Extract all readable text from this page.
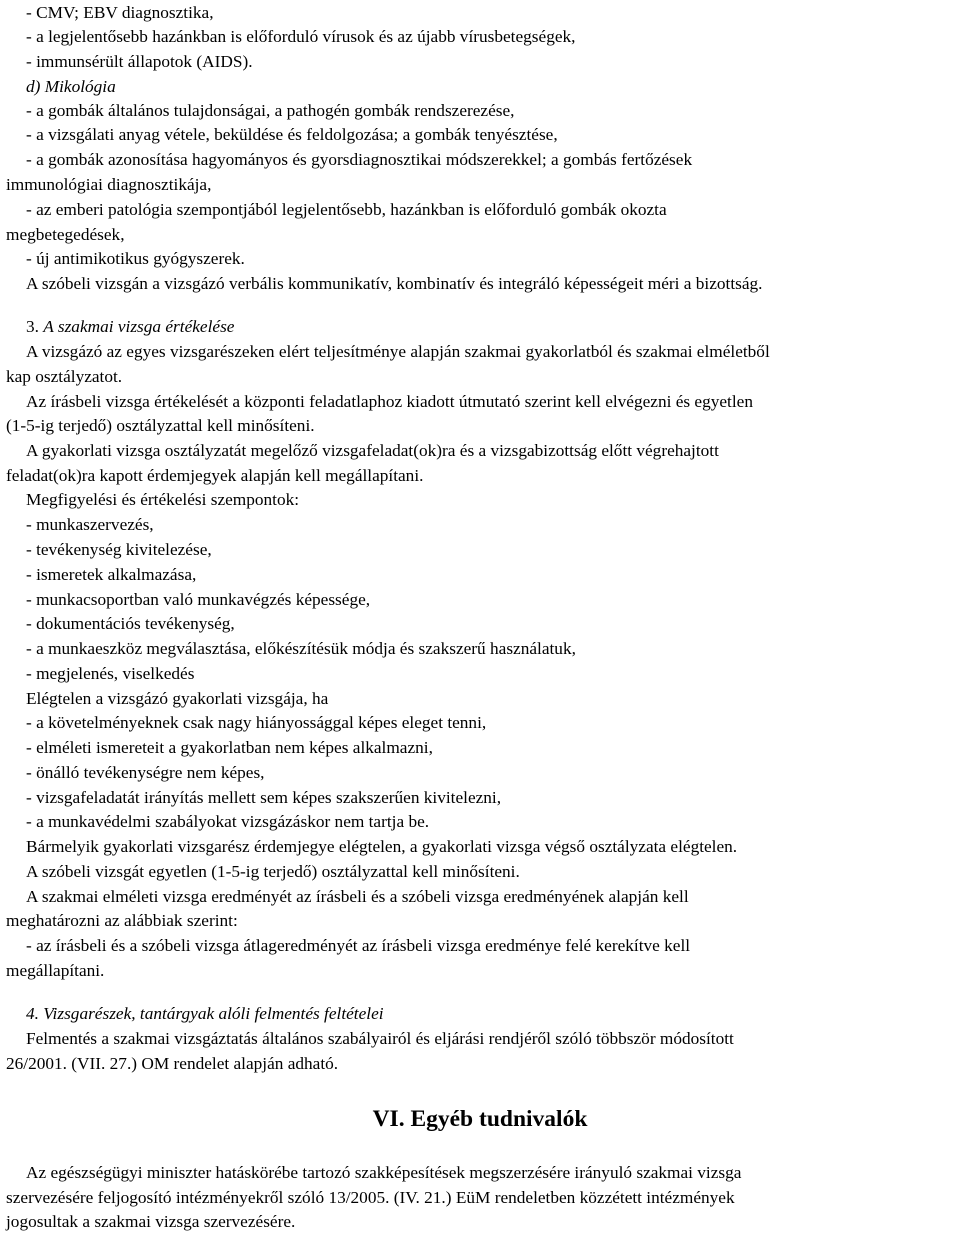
- CMV; EBV diagnosztika,
- a legjelentősebb hazánkban is előforduló vírusok és az újabb vírusbetegségek,
- immunsérült állapotok (AIDS).
d) Mikológia
- a gombák általános tulajdonságai, a pathogén gombák rendszerezése,
- a vizsgálati anyag vétele, beküldése és feldolgozása; a gombák tenyésztése,
- a gombák azonosítása hagyományos és gyorsdiagnosztikai módszerekkel; a gombás fertőzések
immunológiai diagnosztikája,
- az emberi patológia szempontjából legjelentősebb, hazánkban is előforduló gombák okozta
megbetegedések,
- új antimikotikus gyógyszerek.
A szóbeli vizsgán a vizsgázó verbális kommunikatív, kombinatív és integráló képességeit méri a bizottság.
3. A szakmai vizsga értékelése
A vizsgázó az egyes vizsgarészeken elért teljesítménye alapján szakmai gyakorlatból és szakmai elméletből
kap osztályzatot.
Az írásbeli vizsga értékelését a központi feladatlaphoz kiadott útmutató szerint kell elvégezni és egyetlen
(1-5-ig terjedő) osztályzattal kell minősíteni.
A gyakorlati vizsga osztályzatát megelőző vizsgafeladat(ok)ra és a vizsgabizottság előtt végrehajtott
feladat(ok)ra kapott érdemjegyek alapján kell megállapítani.
Megfigyelési és értékelési szempontok:
- munkaszervezés,
- tevékenység kivitelezése,
- ismeretek alkalmazása,
- munkacsoportban való munkavégzés képessége,
- dokumentációs tevékenység,
- a munkaeszköz megválasztása, előkészítésük módja és szakszerű használatuk,
- megjelenés, viselkedés
Elégtelen a vizsgázó gyakorlati vizsgája, ha
- a követelményeknek csak nagy hiányossággal képes eleget tenni,
- elméleti ismereteit a gyakorlatban nem képes alkalmazni,
- önálló tevékenységre nem képes,
- vizsgafeladatát irányítás mellett sem képes szakszerűen kivitelezni,
- a munkavédelmi szabályokat vizsgázáskor nem tartja be.
Bármelyik gyakorlati vizsgarész érdemjegye elégtelen, a gyakorlati vizsga végső osztályzata elégtelen.
A szóbeli vizsgát egyetlen (1-5-ig terjedő) osztályzattal kell minősíteni.
A szakmai elméleti vizsga eredményét az írásbeli és a szóbeli vizsga eredményének alapján kell
meghatározni az alábbiak szerint:
- az írásbeli és a szóbeli vizsga átlageredményét az írásbeli vizsga eredménye felé kerekítve kell
megállapítani.
4. Vizsgarészek, tantárgyak alóli felmentés feltételei
Felmentés a szakmai vizsgáztatás általános szabályairól és eljárási rendjéről szóló többször módosított
26/2001. (VII. 27.) OM rendelet alapján adható.
VI. Egyéb tudnivalók
Az egészségügyi miniszter hatáskörébe tartozó szakképesítések megszerzésére irányuló szakmai vizsga
szervezésére feljogosító intézményekről szóló 13/2005. (IV. 21.) EüM rendeletben közzétett intézmények
jogosultak a szakmai vizsga szervezésére.
